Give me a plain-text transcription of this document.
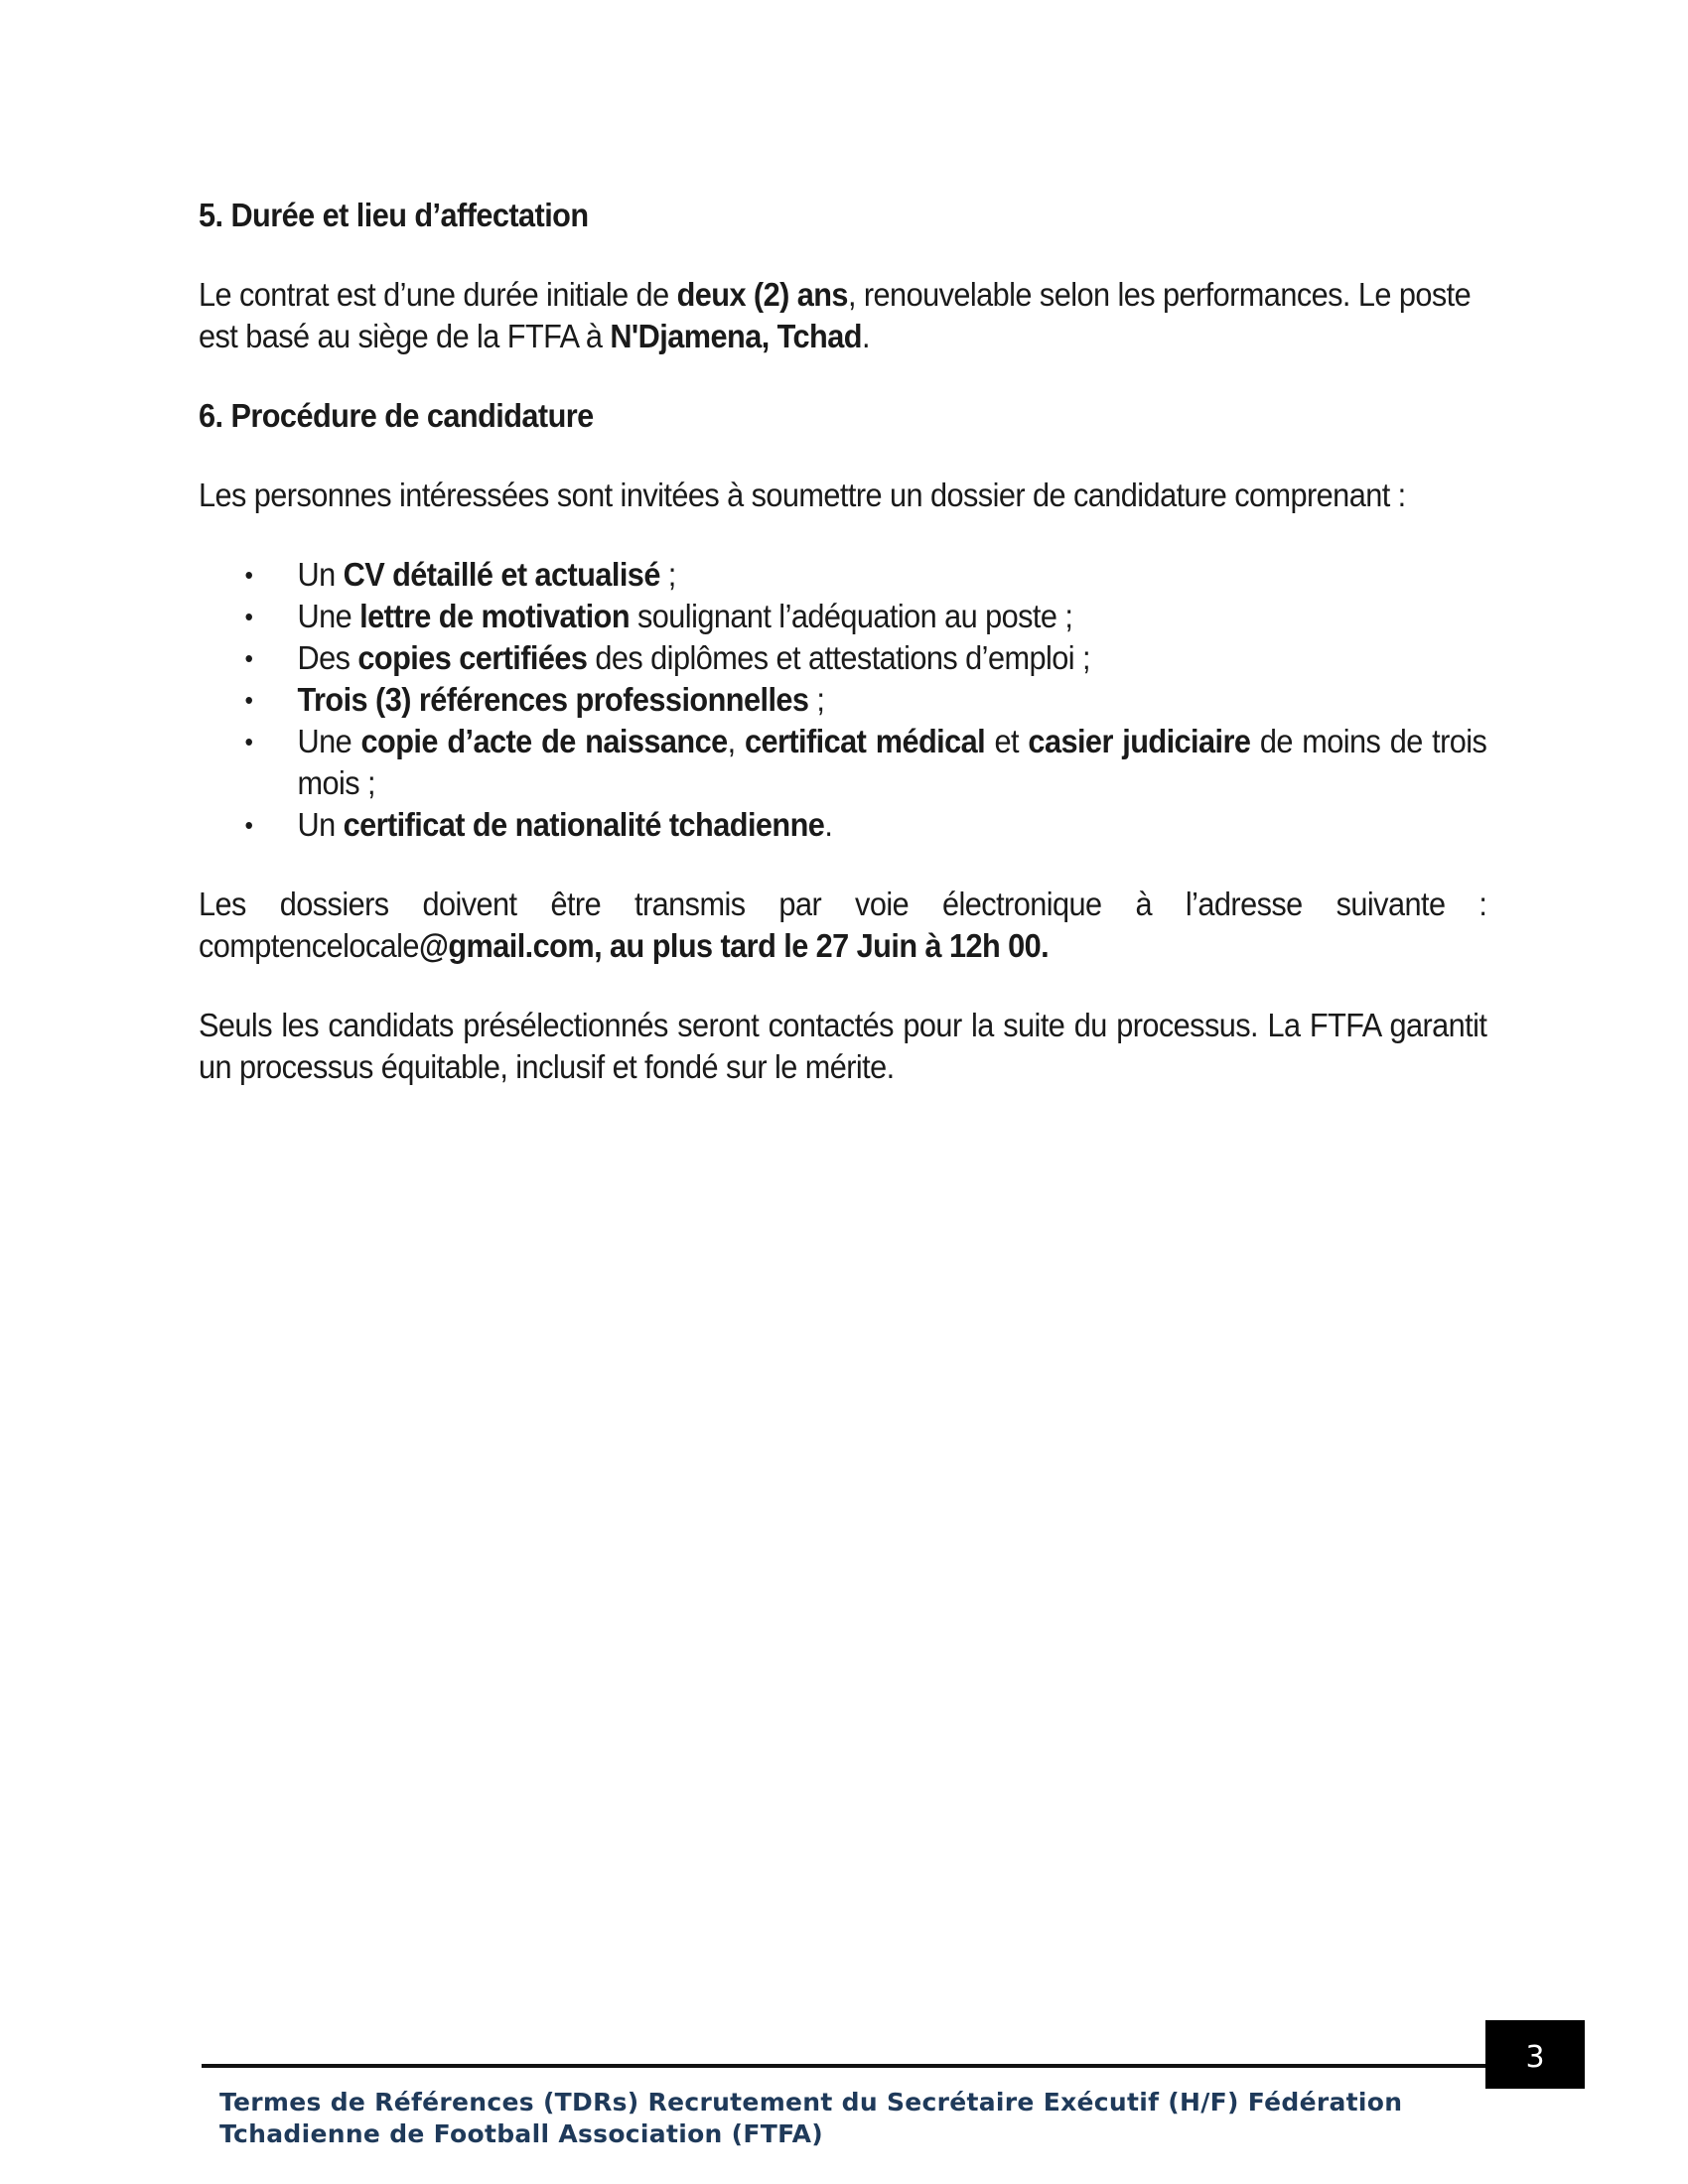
5. Durée et lieu d’affectation

Le contrat est d’une durée initiale de deux (2) ans, renouvelable selon les performances. Le poste est basé au siège de la FTFA à N'Djamena, Tchad.

6. Procédure de candidature

Les personnes intéressées sont invitées à soumettre un dossier de candidature comprenant :

• Un CV détaillé et actualisé ;
• Une lettre de motivation soulignant l’adéquation au poste ;
• Des copies certifiées des diplômes et attestations d’emploi ;
• Trois (3) références professionnelles ;
• Une copie d’acte de naissance, certificat médical et casier judiciaire de moins de trois mois ;
• Un certificat de nationalité tchadienne.

Les dossiers doivent être transmis par voie électronique à l’adresse suivante :
comptencelocale@gmail.com, au plus tard le 27 Juin à 12h 00.

Seuls les candidats présélectionnés seront contactés pour la suite du processus. La FTFA garantit un processus équitable, inclusif et fondé sur le mérite.

3
Termes de Références (TDRs) Recrutement du Secrétaire Exécutif (H/F) Fédération Tchadienne de Football Association (FTFA)
